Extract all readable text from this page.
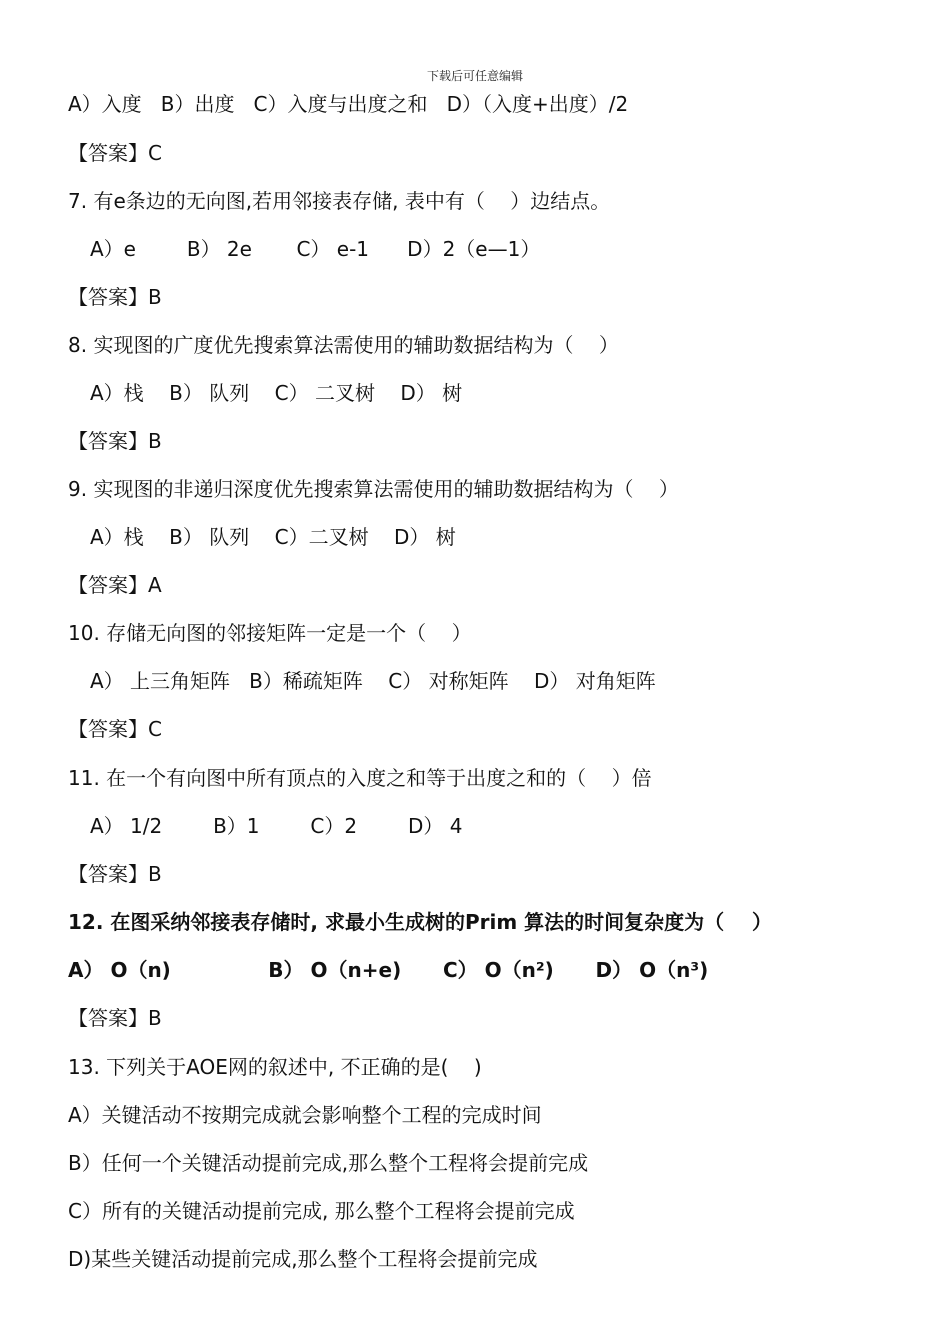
下载后可任意编辑
A）入度   B）出度   C）入度与出度之和   D）（入度+出度）/2
【答案】C
7. 有e条边的无向图,若用邻接表存储, 表中有（    ）边结点。
A）e        B） 2e       C） e-1      D）2（e—1）
【答案】B
8. 实现图的广度优先搜索算法需使用的辅助数据结构为（    ）
A）栈    B） 队列    C） 二叉树    D） 树
【答案】B
9. 实现图的非递归深度优先搜索算法需使用的辅助数据结构为（    ）
A）栈    B） 队列    C）二叉树    D） 树
【答案】A
10. 存储无向图的邻接矩阵一定是一个（    ）
A） 上三角矩阵   B）稀疏矩阵    C） 对称矩阵    D） 对角矩阵
【答案】C
11. 在一个有向图中所有顶点的入度之和等于出度之和的（    ）倍
A） 1/2        B）1        C）2        D） 4
【答案】B
12. 在图采纳邻接表存储时, 求最小生成树的Prim 算法的时间复杂度为（    ）
A） O（n)              B） O（n+e)      C） O（n²)      D） O（n³)
【答案】B
13. 下列关于AOE网的叙述中, 不正确的是(    )
A）关键活动不按期完成就会影响整个工程的完成时间
B）任何一个关键活动提前完成,那么整个工程将会提前完成
C）所有的关键活动提前完成, 那么整个工程将会提前完成
D)某些关键活动提前完成,那么整个工程将会提前完成
